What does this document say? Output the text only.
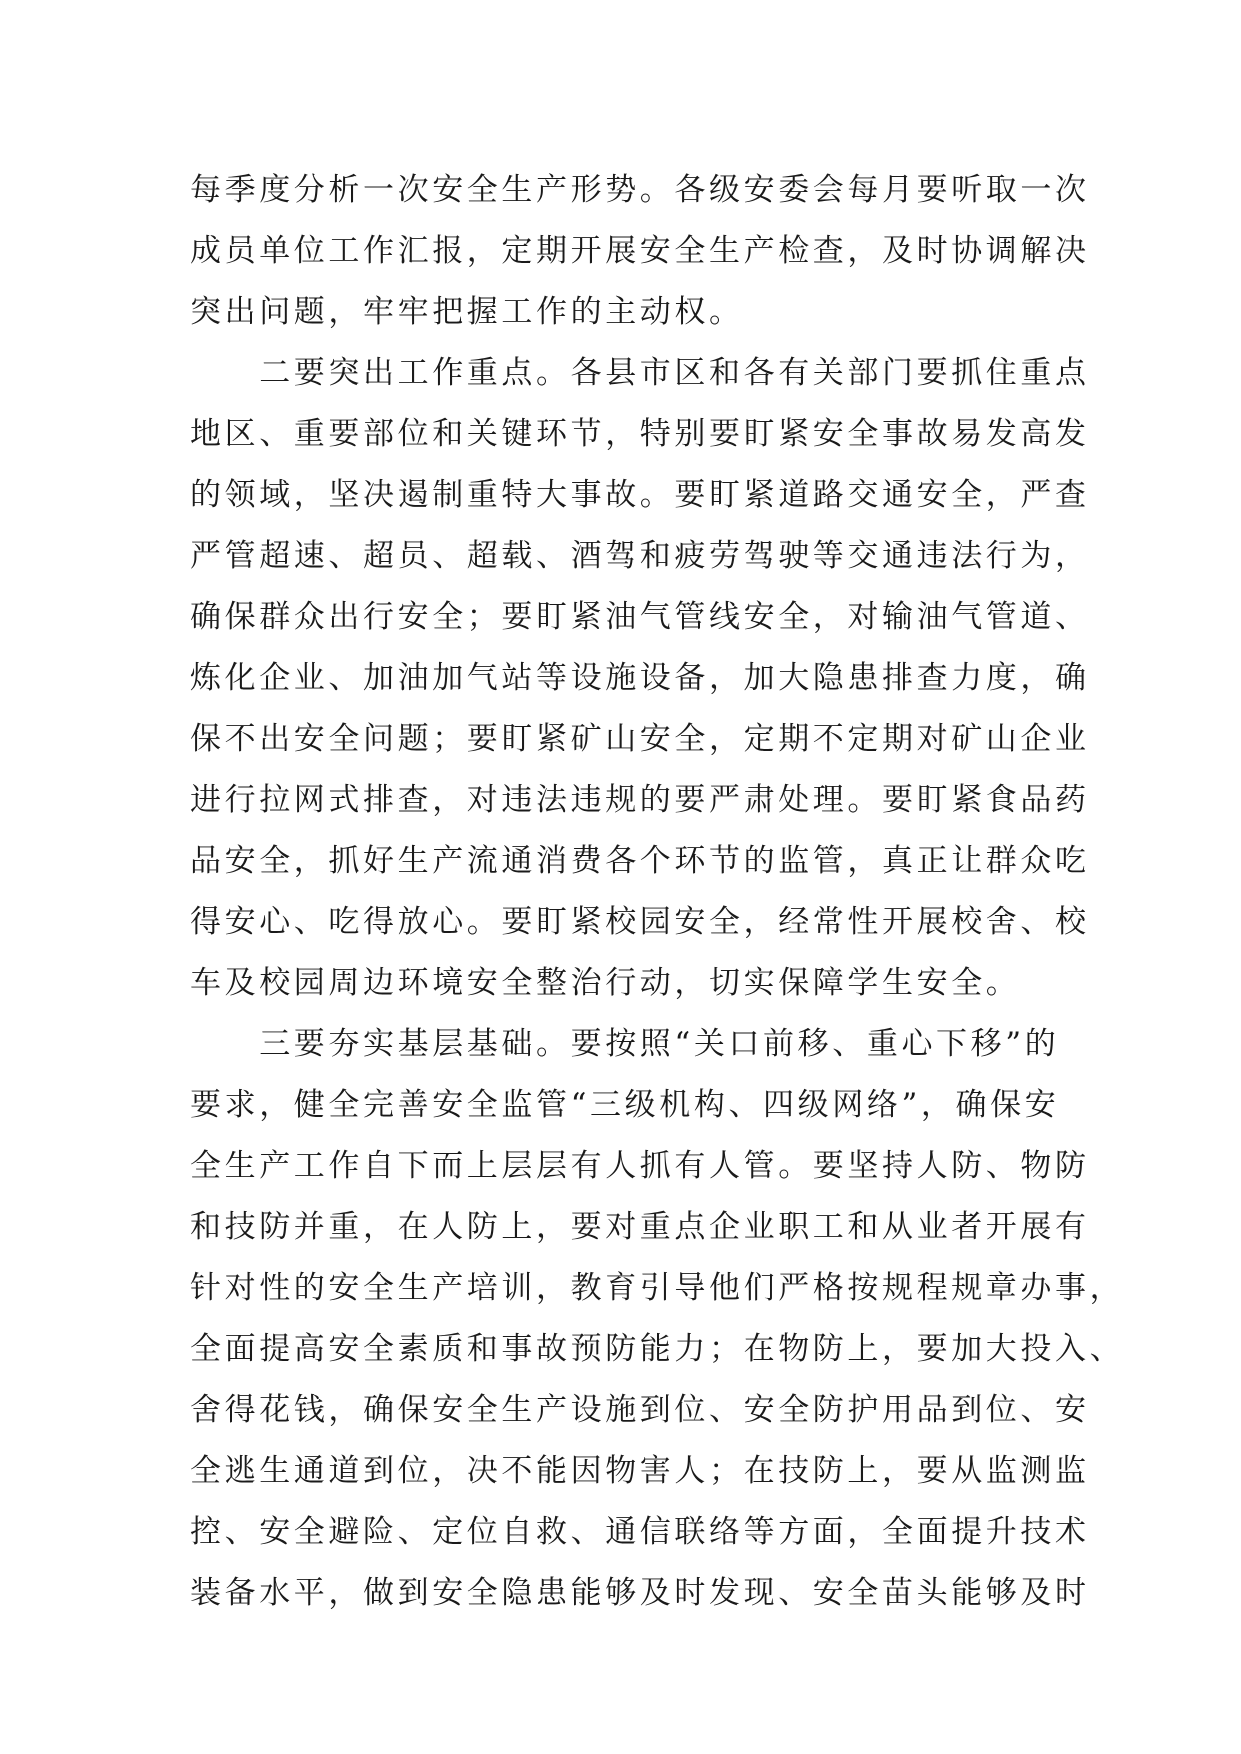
每季度分析一次安全生产形势。各级安委会每月要听取一次
成员单位工作汇报，定期开展安全生产检查，及时协调解决
突出问题，牢牢把握工作的主动权。
　　二要突出工作重点。各县市区和各有关部门要抓住重点
地区、重要部位和关键环节，特别要盯紧安全事故易发高发
的领域，坚决遏制重特大事故。要盯紧道路交通安全，严查
严管超速、超员、超载、酒驾和疲劳驾驶等交通违法行为，
确保群众出行安全；要盯紧油气管线安全，对输油气管道、
炼化企业、加油加气站等设施设备，加大隐患排查力度，确
保不出安全问题；要盯紧矿山安全，定期不定期对矿山企业
进行拉网式排查，对违法违规的要严肃处理。要盯紧食品药
品安全，抓好生产流通消费各个环节的监管，真正让群众吃
得安心、吃得放心。要盯紧校园安全，经常性开展校舍、校
车及校园周边环境安全整治行动，切实保障学生安全。
　　三要夯实基层基础。要按照“关口前移、重心下移”的
要求，健全完善安全监管“三级机构、四级网络”，确保安
全生产工作自下而上层层有人抓有人管。要坚持人防、物防
和技防并重，在人防上，要对重点企业职工和从业者开展有
针对性的安全生产培训，教育引导他们严格按规程规章办事，
全面提高安全素质和事故预防能力；在物防上，要加大投入、
舍得花钱，确保安全生产设施到位、安全防护用品到位、安
全逃生通道到位，决不能因物害人；在技防上，要从监测监
控、安全避险、定位自救、通信联络等方面，全面提升技术
装备水平，做到安全隐患能够及时发现、安全苗头能够及时
